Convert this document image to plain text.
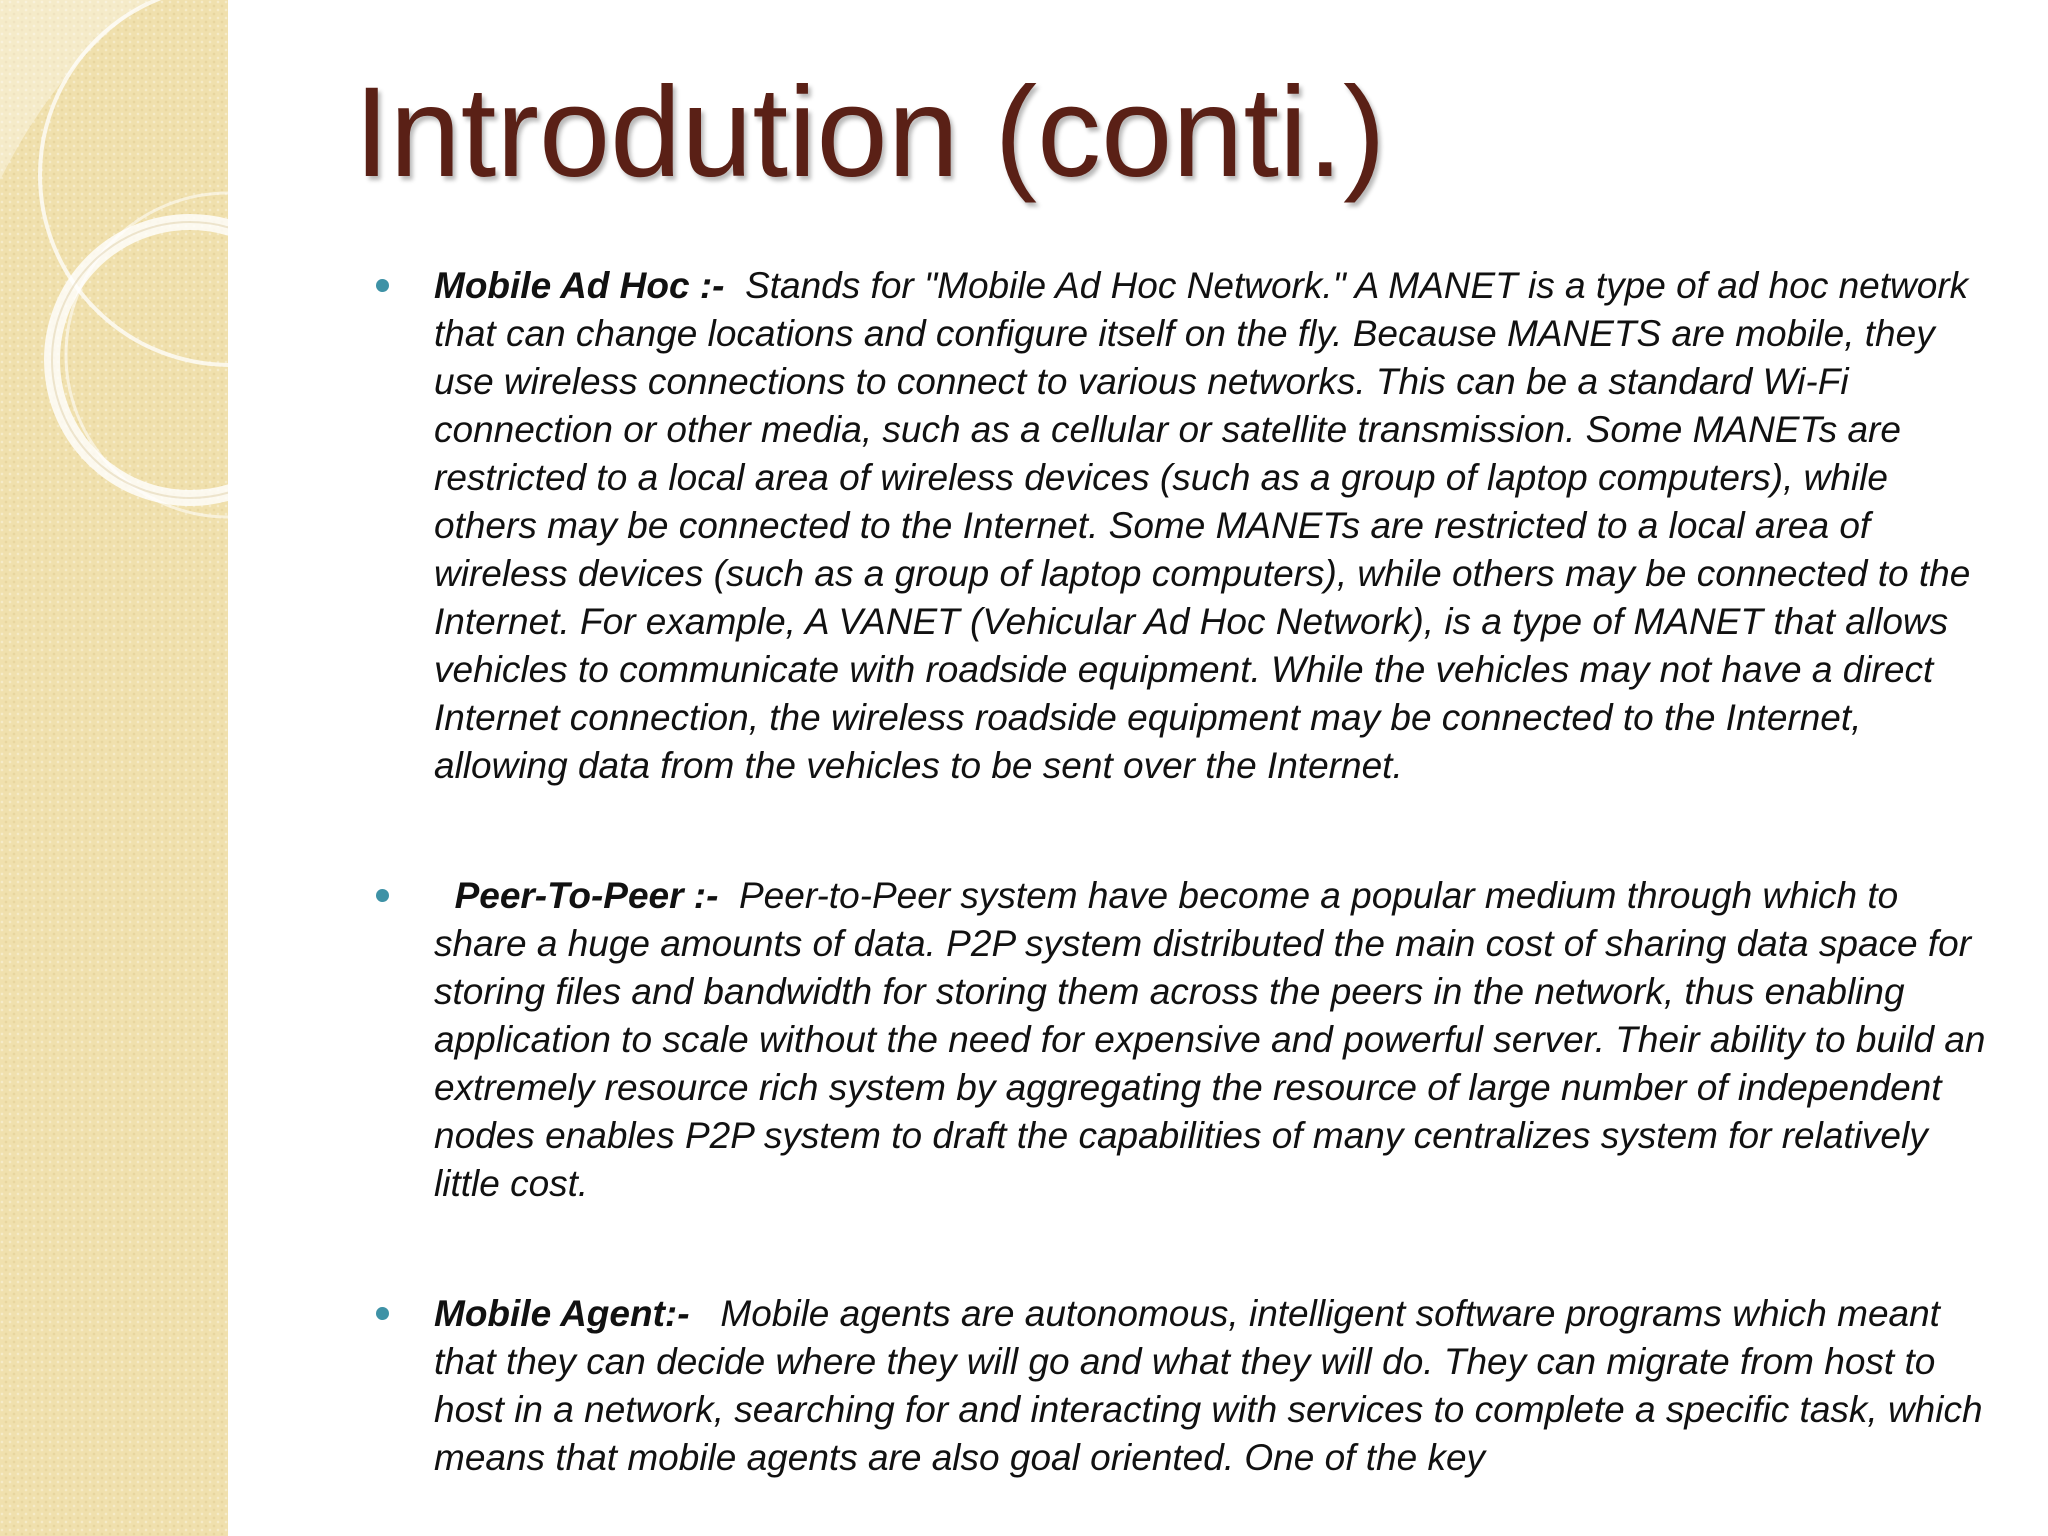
Introdution (conti.)
Mobile Ad Hoc :- Stands for "Mobile Ad Hoc Network." A MANET is a type of ad hoc network that can change locations and configure itself on the fly. Because MANETS are mobile, they use wireless connections to connect to various networks. This can be a standard Wi-Fi connection or other media, such as a cellular or satellite transmission. Some MANETs are restricted to a local area of wireless devices (such as a group of laptop computers), while others may be connected to the Internet. Some MANETs are restricted to a local area of wireless devices (such as a group of laptop computers), while others may be connected to the Internet. For example, A VANET (Vehicular Ad Hoc Network), is a type of MANET that allows vehicles to communicate with roadside equipment. While the vehicles may not have a direct Internet connection, the wireless roadside equipment may be connected to the Internet, allowing data from the vehicles to be sent over the Internet.
Peer-To-Peer :- Peer-to-Peer system have become a popular medium through which to share a huge amounts of data. P2P system distributed the main cost of sharing data space for storing files and bandwidth for storing them across the peers in the network, thus enabling application to scale without the need for expensive and powerful server. Their ability to build an extremely resource rich system by aggregating the resource of large number of independent nodes enables P2P system to draft the capabilities of many centralizes system for relatively little cost.
Mobile Agent:- Mobile agents are autonomous, intelligent software programs which meant that they can decide where they will go and what they will do. They can migrate from host to host in a network, searching for and interacting with services to complete a specific task, which means that mobile agents are also goal oriented. One of the key
